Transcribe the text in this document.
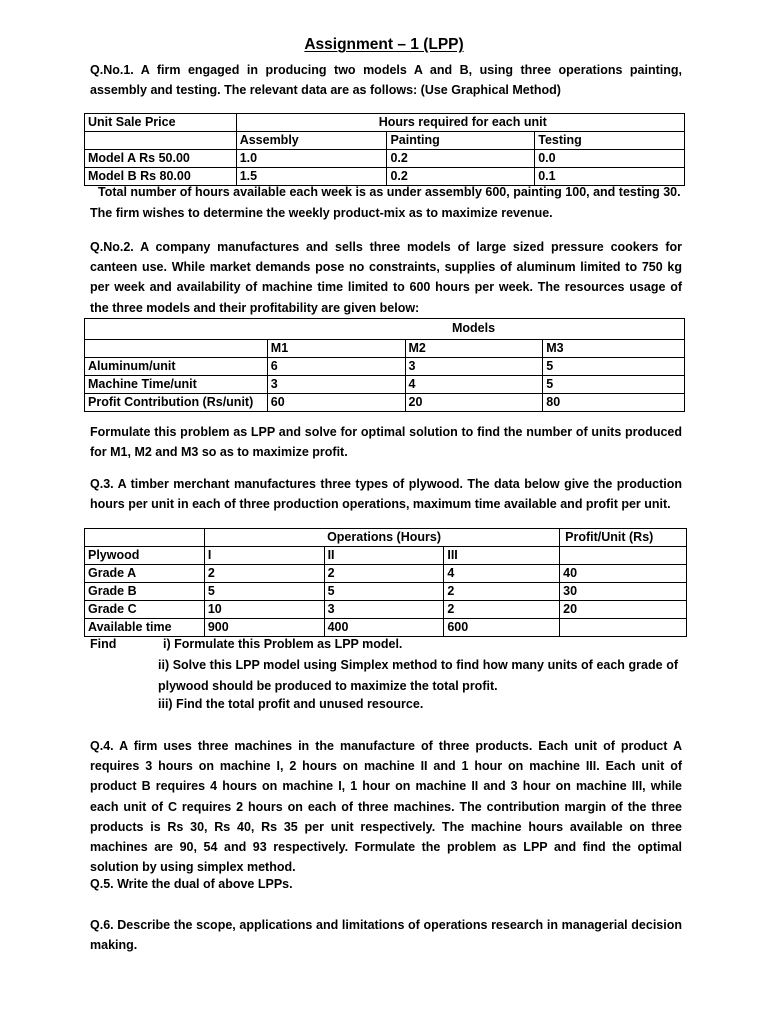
Assignment – 1 (LPP)

Q.No.1. A firm engaged in producing two models A and B, using three operations painting, assembly and testing. The relevant data are as follows: (Use Graphical Method)

Unit Sale Price	Hours required for each unit		
	Assembly	Painting	Testing
Model A Rs 50.00	1.0	0.2	0.0
Model B Rs 80.00	1.5	0.2	0.1
Total number of hours available each week is as under assembly 600, painting 100, and testing 30.
The firm wishes to determine the weekly product-mix as to maximize revenue.

Q.No.2. A company manufactures and sells three models of large sized pressure cookers for canteen use. While market demands pose no constraints, supplies of aluminum limited to 750 kg per week and availability of machine time limited to 600 hours per week. The resources usage of the three models and their profitability are given below:

Models			
	M1	M2	M3
Aluminum/unit	6	3	5
Machine Time/unit	3	4	5
Profit Contribution (Rs/unit)	60	20	80

Formulate this problem as LPP and solve for optimal solution to find the number of units produced for M1, M2 and M3 so as to maximize profit.

Q.3. A timber merchant manufactures three types of plywood. The data below give the production hours per unit in each of three production operations, maximum time available and profit per unit.

		Operations (Hours)		Profit/Unit (Rs)
Plywood	I	II	III	
Grade A	2	2	4	40
Grade B	5	5	2	30
Grade C	10	3	2	20
Available time	900	400	600	
Find	i) Formulate this Problem as LPP model.
ii) Solve this LPP model using Simplex method to find how many units of each grade of plywood should be produced to maximize the total profit.
iii) Find the total profit and unused resource.

Q.4. A firm uses three machines in the manufacture of three products. Each unit of product A requires 3 hours on machine I, 2 hours on machine II and 1 hour on machine III. Each unit of product B requires 4 hours on machine I, 1 hour on machine II and 3 hour on machine III, while each unit of C requires 2 hours on each of three machines. The contribution margin of the three products is Rs 30, Rs 40, Rs 35 per unit respectively. The machine hours available on three machines are 90, 54 and 93 respectively. Formulate the problem as LPP and find the optimal solution by using simplex method.

Q.5. Write the dual of above LPPs.

Q.6. Describe the scope, applications and limitations of operations research in managerial decision making.
